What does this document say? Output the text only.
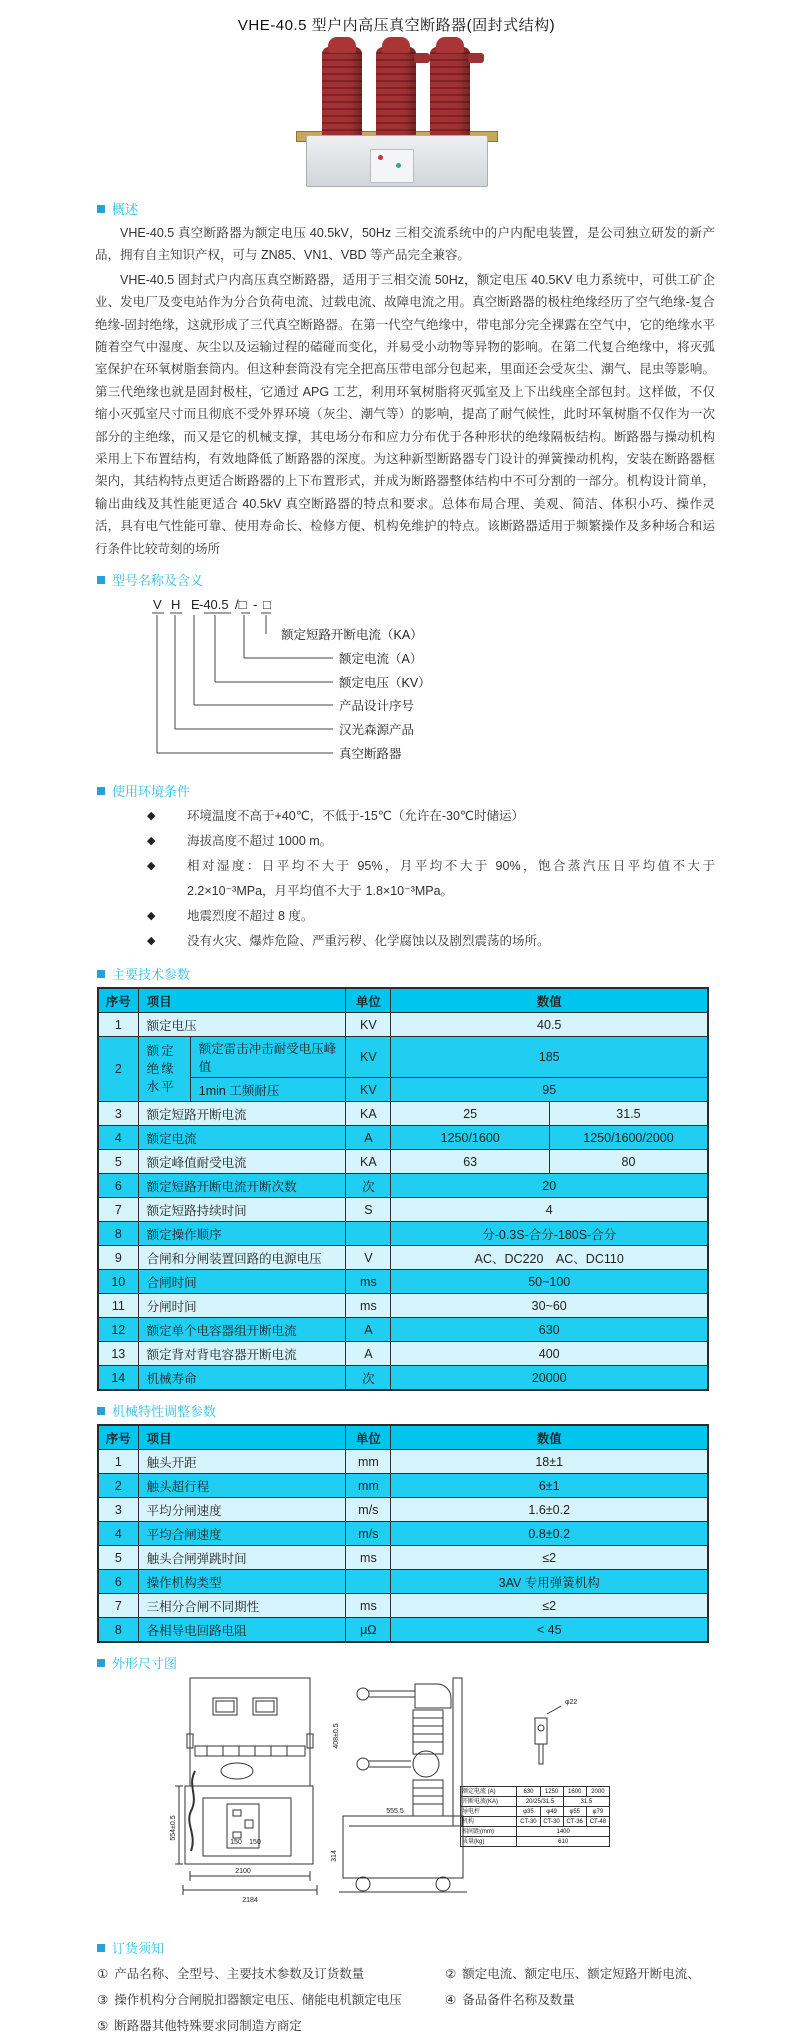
VHE-40.5 型户内高压真空断路器(固封式结构)
概述
VHE-40.5 真空断路器为额定电压 40.5kV，50Hz 三相交流系统中的户内配电装置，是公司独立研发的新产品，拥有自主知识产权，可与 ZN85、VN1、VBD 等产品完全兼容。
VHE-40.5 固封式户内高压真空断路器，适用于三相交流 50Hz，额定电压 40.5KV 电力系统中，可供工矿企业、发电厂及变电站作为分合负荷电流、过载电流、故障电流之用。真空断路器的极柱绝缘经历了空气绝缘-复合绝缘-固封绝缘，这就形成了三代真空断路器。在第一代空气绝缘中，带电部分完全裸露在空气中，它的绝缘水平随着空气中湿度、灰尘以及运输过程的磕碰而变化，并易受小动物等异物的影响。在第二代复合绝缘中，将灭弧室保护在环氧树脂套筒内。但这种套筒没有完全把高压带电部分包起来，里面还会受灰尘、潮气、昆虫等影响。第三代绝缘也就是固封极柱，它通过 APG 工艺，利用环氧树脂将灭弧室及上下出线座全部包封。这样做，不仅缩小灭弧室尺寸而且彻底不受外界环境（灰尘、潮气等）的影响，提高了耐气候性，此时环氧树脂不仅作为一次部分的主绝缘，而又是它的机械支撑，其电场分布和应力分布优于各种形状的绝缘隔板结构。断路器与操动机构采用上下布置结构，有效地降低了断路器的深度。为这种新型断路器专门设计的弹簧操动机构，安装在断路器框架内，其结构特点更适合断路器的上下布置形式，并成为断路器整体结构中不可分割的一部分。机构设计简单，输出曲线及其性能更适合 40.5kV 真空断路器的特点和要求。总体布局合理、美观、简洁、体积小巧、操作灵活，具有电气性能可靠、使用寿命长、检修方便、机构免维护的特点。该断路器适用于频繁操作及多种场合和运行条件比较苛刻的场所
型号名称及含义
V H E -40.5 /□ - □
额定短路开断电流（KA）
额定电流（A）
额定电压（KV）
产品设计序号
汉光森源产品
真空断路器
使用环境条件
◆	环境温度不高于+40℃，不低于-15℃（允许在-30℃时储运）
◆	海拔高度不超过 1000 m。
◆	相对湿度：日平均不大于 95%，月平均不大于 90%，饱合蒸汽压日平均值不大于 2.2×10⁻³MPa，月平均值不大于 1.8×10⁻³MPa。
◆	地震烈度不超过 8 度。
◆	没有火灾、爆炸危险、严重污秽、化学腐蚀以及剧烈震荡的场所。
主要技术参数
序号	项目		单位	数值	
1	额定电压		KV	40.5	
2	额定绝缘水平	额定雷击冲击耐受电压峰值	KV	185	
		1min 工频耐压	KV	95	
3	额定短路开断电流		KA	25	31.5
4	额定电流		A	1250/1600	1250/1600/2000
5	额定峰值耐受电流		KA	63	80
6	额定短路开断电流开断次数		次	20	
7	额定短路持续时间		S	4	
8	额定操作顺序			分-0.3S-合分-180S-合分	
9	合闸和分闸装置回路的电源电压		V	AC、DC220　AC、DC110	
10	合闸时间		ms	50~100	
11	分闸时间		ms	30~60	
12	额定单个电容器组开断电流		A	630	
13	额定背对背电容器开断电流		A	400	
14	机械寿命		次	20000	
机械特性调整参数
序号	项目	单位	数值
1	触头开距	mm	18±1
2	触头超行程	mm	6±1
3	平均分闸速度	m/s	1.6±0.2
4	平均合闸速度	m/s	0.8±0.2
5	触头合闸弹跳时间	ms	≤2
6	操作机构类型		3AV 专用弹簧机构
7	三相分合闸不同期性	ms	≤2
8	各相导电回路电阻	μΩ	< 45
外形尺寸图
2100
2184
554±0.5
408±0.5
555.5
314
150 150
φ22
额定电流 (A)	630	1250	1600	2000
开断电流(KA)	20/25/31.5		31.5	
导电杆	φ35	φ49	φ55	φ79
机构	CT-30	CT-30	CT-36	CT-48
相间距(mm)	1400			
质量(kg)	610			
订货须知
① 产品名称、全型号、主要技术参数及订货数量	② 额定电流、额定电压、额定短路开断电流、
③ 操作机构分合闸脱扣器额定电压、储能电机额定电压	④ 备品备件名称及数量
⑤ 断路器其他特殊要求同制造方商定
